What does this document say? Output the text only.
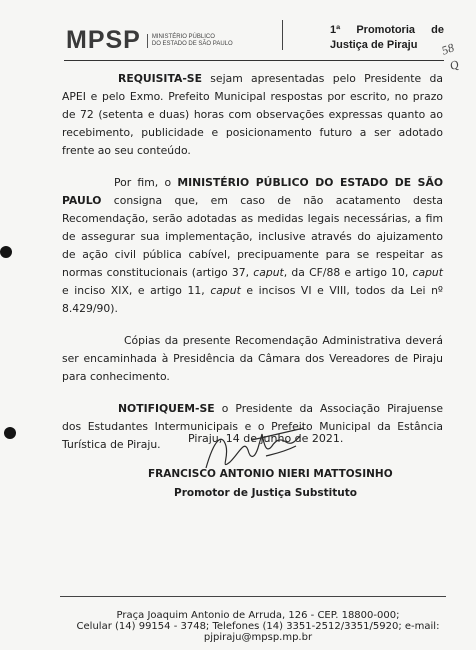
MPSP	MINISTÉRIO PÚBLICO
DO ESTADO DE SÃO PAULO
1ª Promotoria de
Justiça de Piraju	58
Q

REQUISITA-SE sejam apresentadas pelo Presidente da APEI e pelo Exmo. Prefeito Municipal respostas por escrito, no prazo de 72 (setenta e duas) horas com observações expressas quanto ao recebimento, publicidade e posicionamento futuro a ser adotado frente ao seu conteúdo.

Por fim, o MINISTÉRIO PÚBLICO DO ESTADO DE SÃO PAULO consigna que, em caso de não acatamento desta Recomendação, serão adotadas as medidas legais necessárias, a fim de assegurar sua implementação, inclusive através do ajuizamento de ação civil pública cabível, precipuamente para se respeitar as normas constitucionais (artigo 37, caput, da CF/88 e artigo 10, caput e inciso XIX, e artigo 11, caput e incisos VI e VIII, todos da Lei nº 8.429/90).

Cópias da presente Recomendação Administrativa deverá ser encaminhada à Presidência da Câmara dos Vereadores de Piraju para conhecimento.

NOTIFIQUEM-SE o Presidente da Associação Pirajuense dos Estudantes Intermunicipais e o Prefeito Municipal da Estância Turística de Piraju.	Piraju, 14 de junho de 2021.
FRANCISCO ANTONIO NIERI MATTOSINHO
Promotor de Justiça Substituto
Praça Joaquim Antonio de Arruda, 126 - CEP. 18800-000;
Celular (14) 99154 - 3748; Telefones (14) 3351-2512/3351/5920; e-mail:
pjpiraju@mpsp.mp.br
